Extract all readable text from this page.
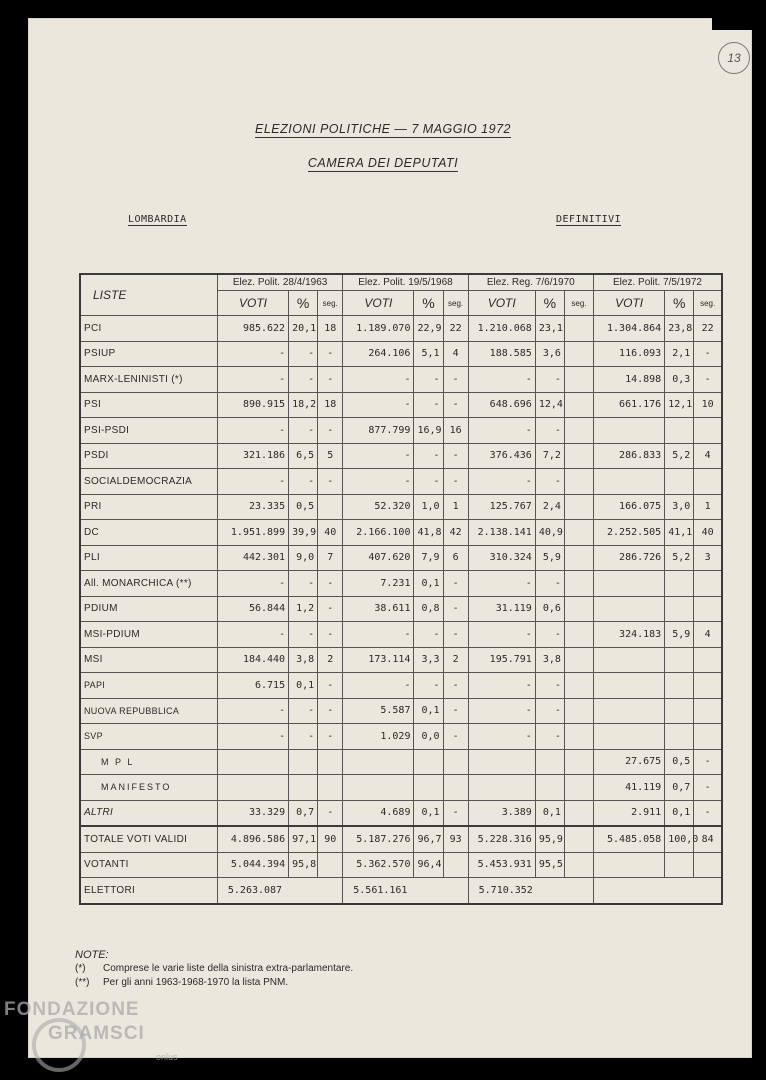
13
ELEZIONI POLITICHE — 7 MAGGIO 1972
CAMERA DEI DEPUTATI
LOMBARDIA	DEFINITIVI
LISTE	Elez. Polit. 28/4/1963			Elez. Polit. 19/5/1968			Elez. Reg. 7/6/1970			Elez. Polit. 7/5/1972		
	VOTI	%	seg.	VOTI	%	seg.	VOTI	%	seg.	VOTI	%	seg.
PCI	985.622	20,1	18	1.189.070	22,9	22	1.210.068	23,1		1.304.864	23,8	22
PSIUP	-	-	-	264.106	5,1	4	188.585	3,6		116.093	2,1	-
MARX-LENINISTI (*)	-	-	-	-	-	-	-	-		14.898	0,3	-
PSI	890.915	18,2	18	-	-	-	648.696	12,4		661.176	12,1	10
PSI-PSDI	-	-	-	877.799	16,9	16	-	-				
PSDI	321.186	6,5	5	-	-	-	376.436	7,2		286.833	5,2	4
SOCIALDEMOCRAZIA	-	-	-	-	-	-	-	-				
PRI	23.335	0,5		52.320	1,0	1	125.767	2,4		166.075	3,0	1
DC	1.951.899	39,9	40	2.166.100	41,8	42	2.138.141	40,9		2.252.505	41,1	40
PLI	442.301	9,0	7	407.620	7,9	6	310.324	5,9		286.726	5,2	3
All. MONARCHICA (**)	-	-	-	7.231	0,1	-	-	-				
PDIUM	56.844	1,2	-	38.611	0,8	-	31.119	0,6				
MSI-PDIUM	-	-	-	-	-	-	-	-		324.183	5,9	4
MSI	184.440	3,8	2	173.114	3,3	2	195.791	3,8				
PAPI	6.715	0,1	-	-	-	-	-	-				
NUOVA REPUBBLICA	-	-	-	5.587	0,1	-	-	-				
SVP	-	-	-	1.029	0,0	-	-	-				
M P L										27.675	0,5	-
MANIFESTO										41.119	0,7	-
ALTRI	33.329	0,7	-	4.689	0,1	-	3.389	0,1		2.911	0,1	-
TOTALE VOTI VALIDI	4.896.586	97,1	90	5.187.276	96,7	93	5.228.316	95,9		5.485.058	100,0	84
VOTANTI	5.044.394	95,8		5.362.570	96,4		5.453.931	95,5				
ELETTORI	5.263.087			5.561.161			5.710.352					
NOTE:
(*)	Comprese le varie liste della sinistra extra-parlamentare.
(**)	Per gli anni 1963-1968-1970 la lista PNM.
FONDAZIONE
GRAMSCI
onlus
